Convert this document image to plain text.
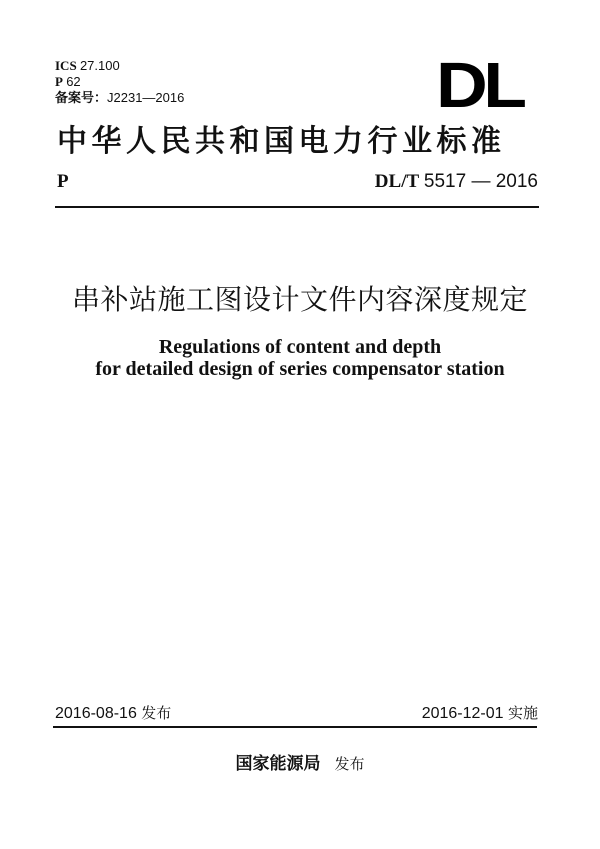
ICS 27.100
P 62
备案号：J2231—2016	DL
中华人民共和国电力行业标准
P	DL/T 5517 — 2016
串补站施工图设计文件内容深度规定
Regulations of content and depth
for detailed design of series compensator station
2016-08-16 发布	2016-12-01 实施
国家能源局 发布
